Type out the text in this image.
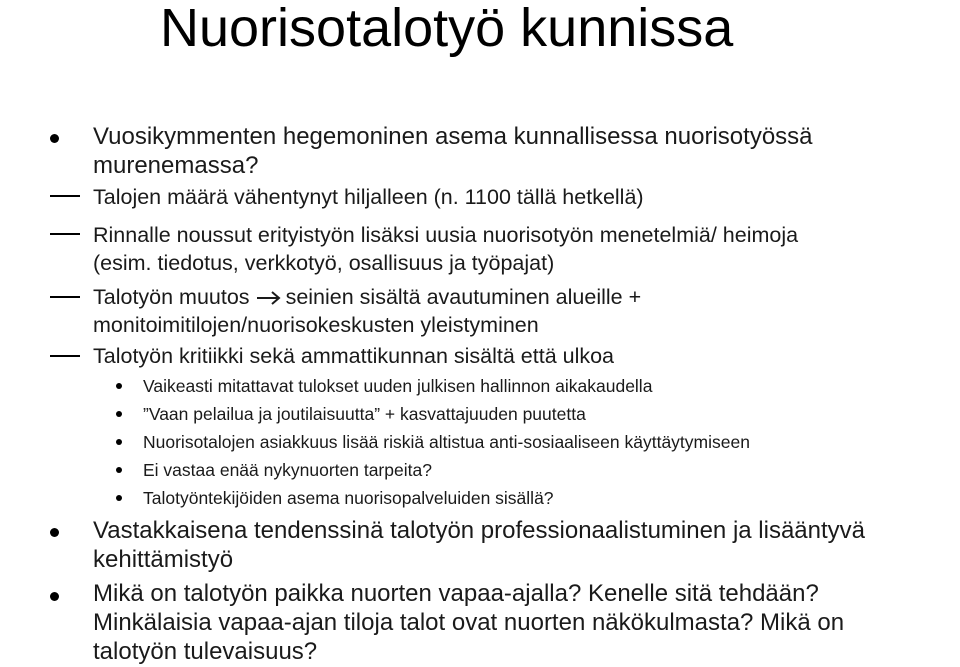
Nuorisotalotyö kunnissa
Vuosikymmenten hegemoninen asema kunnallisessa nuorisotyössä
murenemassa?
Talojen määrä vähentynyt hiljalleen (n. 1100 tällä hetkellä)
Rinnalle noussut erityistyön lisäksi uusia nuorisotyön menetelmiä/ heimoja
(esim. tiedotus, verkkotyö, osallisuus ja työpajat)
Talotyön muutos seinien sisältä avautuminen alueille +
monitoimitilojen/nuorisokeskusten yleistyminen
Talotyön kritiikki sekä ammattikunnan sisältä että ulkoa
Vaikeasti mitattavat tulokset uuden julkisen hallinnon aikakaudella
”Vaan pelailua ja joutilaisuutta” + kasvattajuuden puutetta
Nuorisotalojen asiakkuus lisää riskiä altistua anti-sosiaaliseen käyttäytymiseen
Ei vastaa enää nykynuorten tarpeita?
Talotyöntekijöiden asema nuorisopalveluiden sisällä?
Vastakkaisena tendenssinä talotyön professionaalistuminen ja lisääntyvä
kehittämistyö
Mikä on talotyön paikka nuorten vapaa-ajalla? Kenelle sitä tehdään?
Minkälaisia vapaa-ajan tiloja talot ovat nuorten näkökulmasta? Mikä on
talotyön tulevaisuus?
